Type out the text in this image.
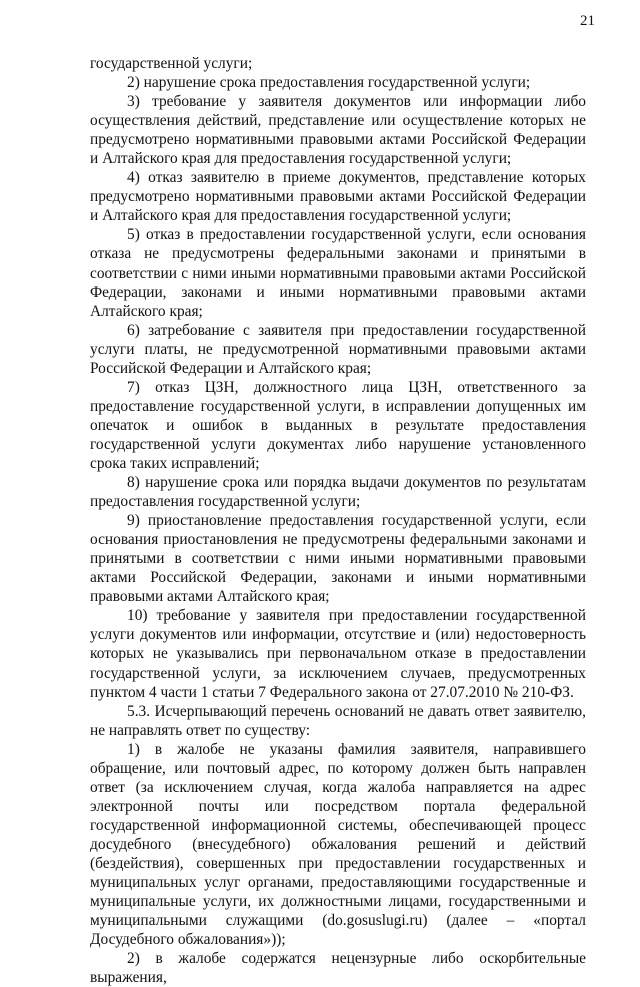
21

государственной услуги;

2) нарушение срока предоставления государственной услуги;

3) требование у заявителя документов или информации либо осуществления действий, представление или осуществление которых не предусмотрено нормативными правовыми актами Российской Федерации и Алтайского края для предоставления государственной услуги;

4) отказ заявителю в приеме документов, представление которых предусмотрено нормативными правовыми актами Российской Федерации и Алтайского края для предоставления государственной услуги;

5) отказ в предоставлении государственной услуги, если основания отказа не предусмотрены федеральными законами и принятыми в соответствии с ними иными нормативными правовыми актами Российской Федерации, законами и иными нормативными правовыми актами Алтайского края;

6) затребование с заявителя при предоставлении государственной услуги платы, не предусмотренной нормативными правовыми актами Российской Федерации и Алтайского края;

7) отказ ЦЗН, должностного лица ЦЗН, ответственного за предоставление государственной услуги, в исправлении допущенных им опечаток и ошибок в выданных в результате предоставления государственной услуги документах либо нарушение установленного срока таких исправлений;

8) нарушение срока или порядка выдачи документов по результатам предоставления государственной услуги;

9) приостановление предоставления государственной услуги, если основания приостановления не предусмотрены федеральными законами и принятыми в соответствии с ними иными нормативными правовыми актами Российской Федерации, законами и иными нормативными правовыми актами Алтайского края;

10) требование у заявителя при предоставлении государственной услуги документов или информации, отсутствие и (или) недостоверность которых не указывались при первоначальном отказе в предоставлении государственной услуги, за исключением случаев, предусмотренных пунктом 4 части 1 статьи 7 Федерального закона от 27.07.2010 № 210-ФЗ.

5.3. Исчерпывающий перечень оснований не давать ответ заявителю, не направлять ответ по существу:

1) в жалобе не указаны фамилия заявителя, направившего обращение, или почтовый адрес, по которому должен быть направлен ответ (за исключением случая, когда жалоба направляется на адрес электронной почты или посредством портала федеральной государственной информационной системы, обеспечивающей процесс досудебного (внесудебного) обжалования решений и действий (бездействия), совершенных при предоставлении государственных и муниципальных услуг органами, предоставляющими государственные и муниципальные услуги, их должностными лицами, государственными и муниципальными служащими (do.gosuslugi.ru) (далее – «портал Досудебного обжалования»));

2) в жалобе содержатся нецензурные либо оскорбительные выражения,
